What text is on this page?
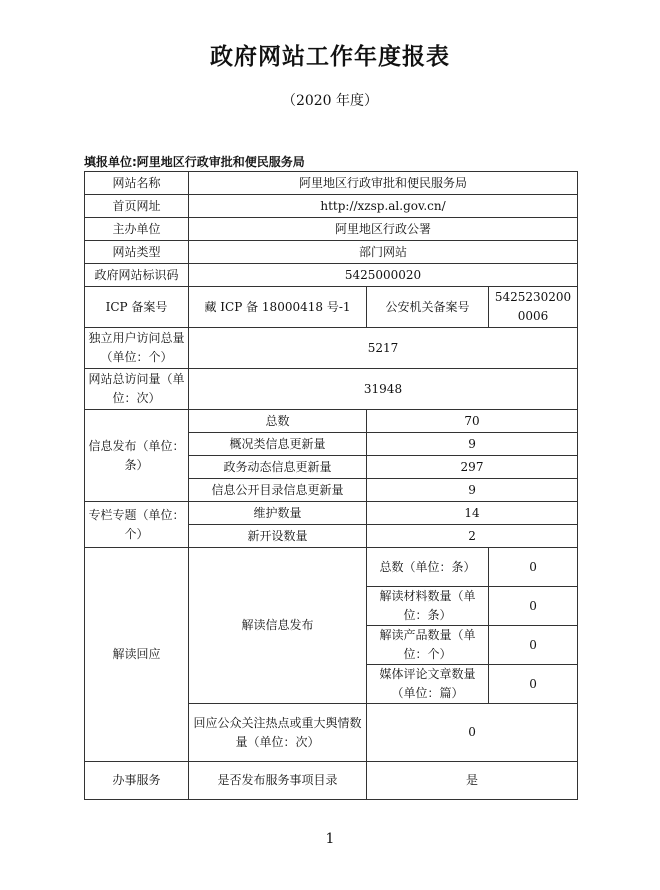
政府网站工作年度报表
（2020 年度）
填报单位:阿里地区行政审批和便民服务局
网站名称	阿里地区行政审批和便民服务局		
首页网址	http://xzsp.al.gov.cn/		
主办单位	阿里地区行政公署		
网站类型	部门网站		
政府网站标识码	5425000020		
ICP 备案号	藏 ICP 备 18000418 号-1	公安机关备案号	54252302000006
独立用户访问总量（单位：个）	5217		
网站总访问量（单位：次）	31948		
信息发布（单位：条）	总数	70	
	概况类信息更新量	9	
	政务动态信息更新量	297	
	信息公开目录信息更新量	9	
专栏专题（单位：个）	维护数量	14	
	新开设数量	2	
解读回应	解读信息发布	总数（单位：条）	0
		解读材料数量（单位：条）	0
		解读产品数量（单位：个）	0
		媒体评论文章数量（单位：篇）	0
	回应公众关注热点或重大舆情数量（单位：次）	0	
办事服务	是否发布服务事项目录	是	
1
